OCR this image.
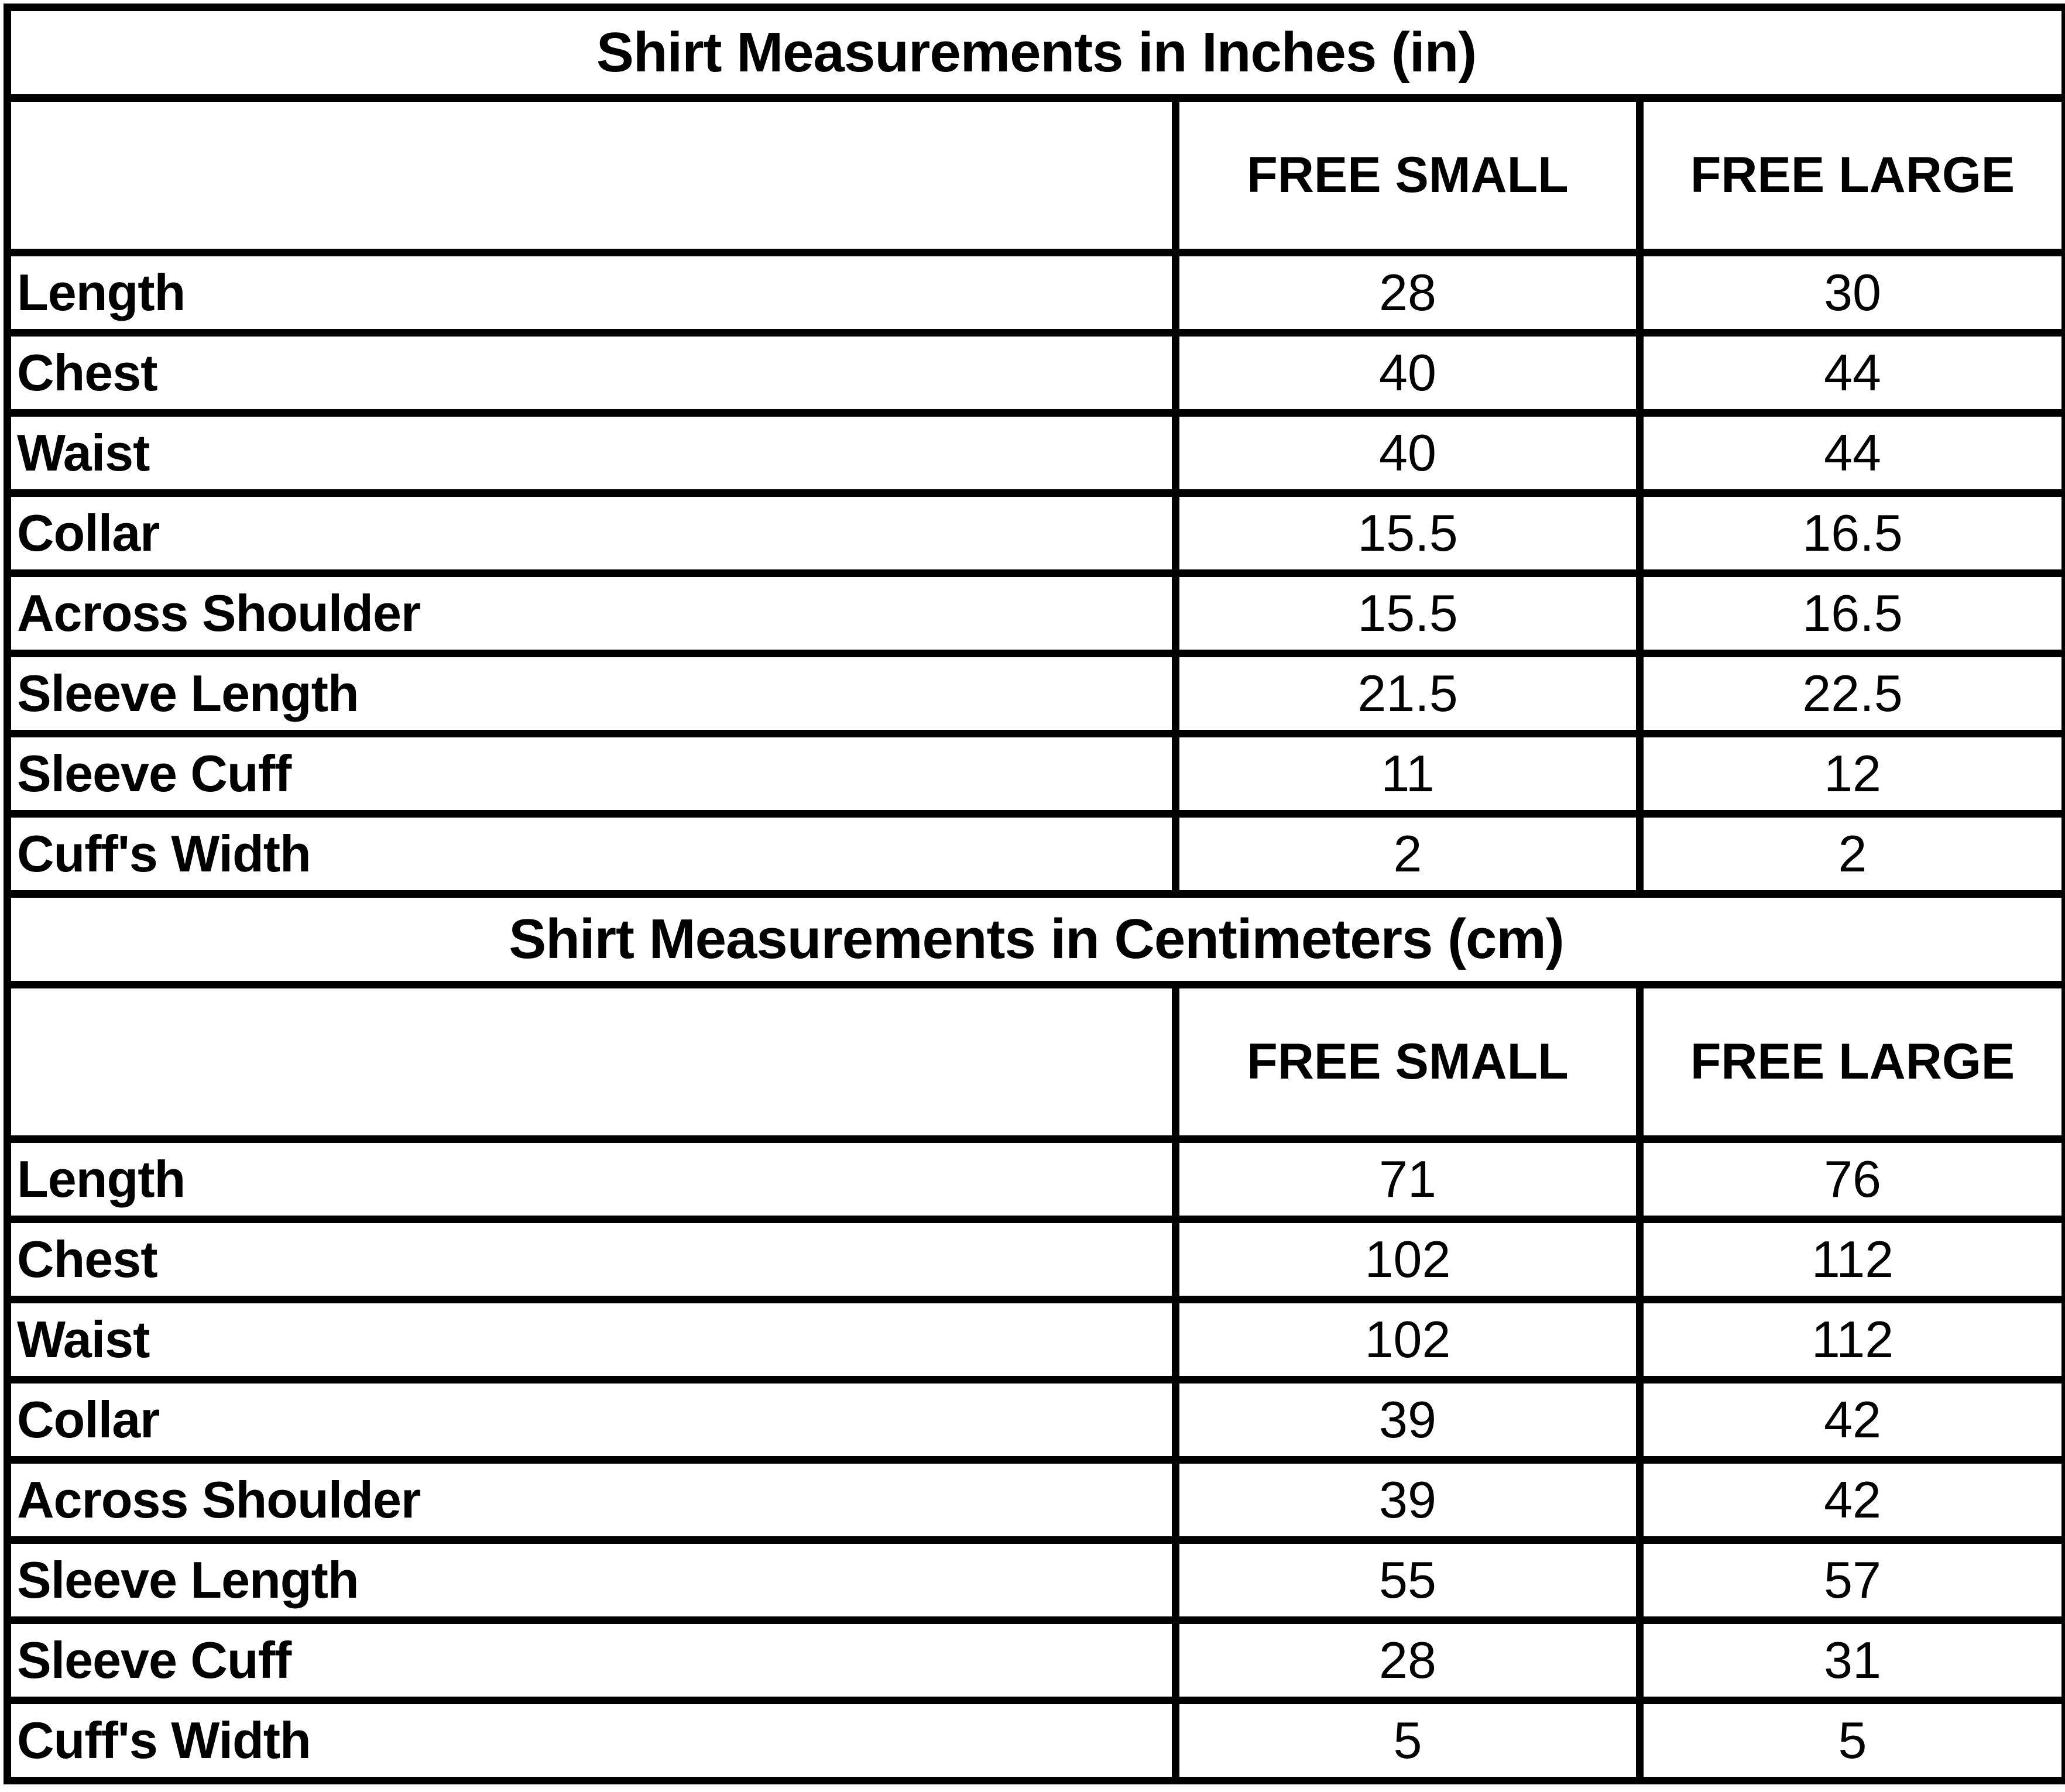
Shirt Measurements in Inches (in)		
	FREE SMALL	FREE LARGE
Length	28	30
Chest	40	44
Waist	40	44
Collar	15.5	16.5
Across Shoulder	15.5	16.5
Sleeve Length	21.5	22.5
Sleeve Cuff	11	12
Cuff's Width	2	2
Shirt Measurements in Centimeters (cm)		
	FREE SMALL	FREE LARGE
Length	71	76
Chest	102	112
Waist	102	112
Collar	39	42
Across Shoulder	39	42
Sleeve Length	55	57
Sleeve Cuff	28	31
Cuff's Width	5	5
